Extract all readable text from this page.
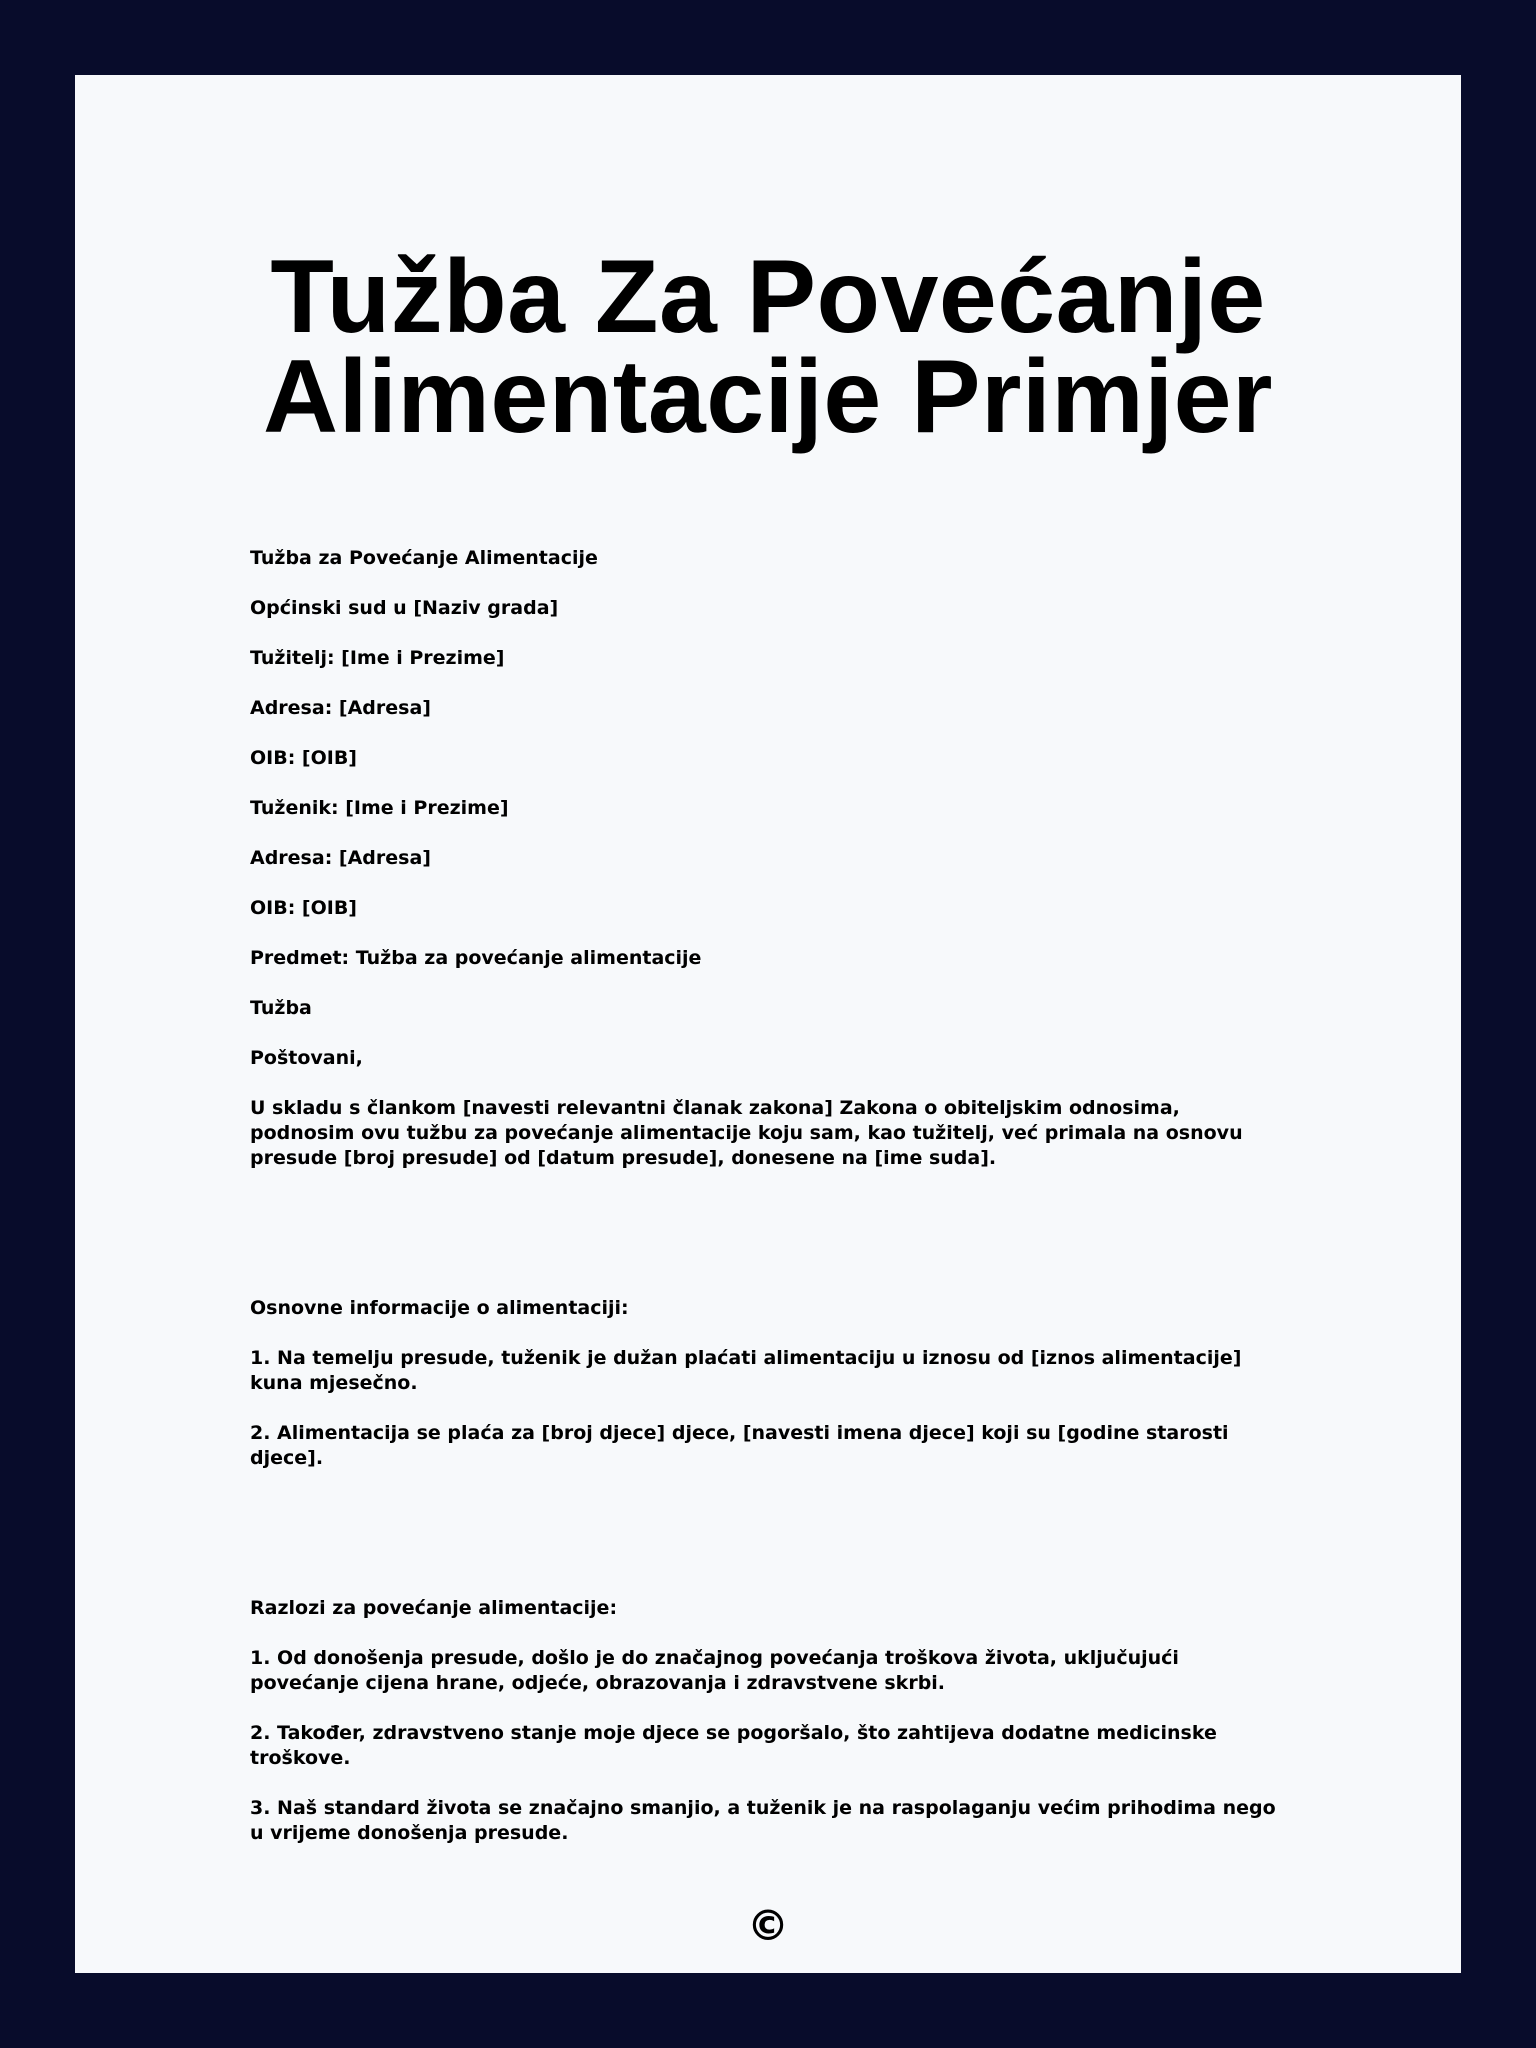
Tužba Za Povećanje Alimentacije Primjer

Tužba za Povećanje Alimentacije

Općinski sud u [Naziv grada]

Tužitelj: [Ime i Prezime]

Adresa: [Adresa]

OIB: [OIB]

Tuženik: [Ime i Prezime]

Adresa: [Adresa]

OIB: [OIB]

Predmet: Tužba za povećanje alimentacije

Tužba

Poštovani,

U skladu s člankom [navesti relevantni članak zakona] Zakona o obiteljskim odnosima, podnosim ovu tužbu za povećanje alimentacije koju sam, kao tužitelj, već primala na osnovu presude [broj presude] od [datum presude], donesene na [ime suda].

Osnovne informacije o alimentaciji:

1. Na temelju presude, tuženik je dužan plaćati alimentaciju u iznosu od [iznos alimentacije] kuna mjesečno.

2. Alimentacija se plaća za [broj djece] djece, [navesti imena djece] koji su [godine starosti djece].

Razlozi za povećanje alimentacije:

1. Od donošenja presude, došlo je do značajnog povećanja troškova života, uključujući povećanje cijena hrane, odjeće, obrazovanja i zdravstvene skrbi.

2. Također, zdravstveno stanje moje djece se pogoršalo, što zahtijeva dodatne medicinske troškove.

3. Naš standard života se značajno smanjio, a tuženik je na raspolaganju većim prihodima nego u vrijeme donošenja presude.

©
